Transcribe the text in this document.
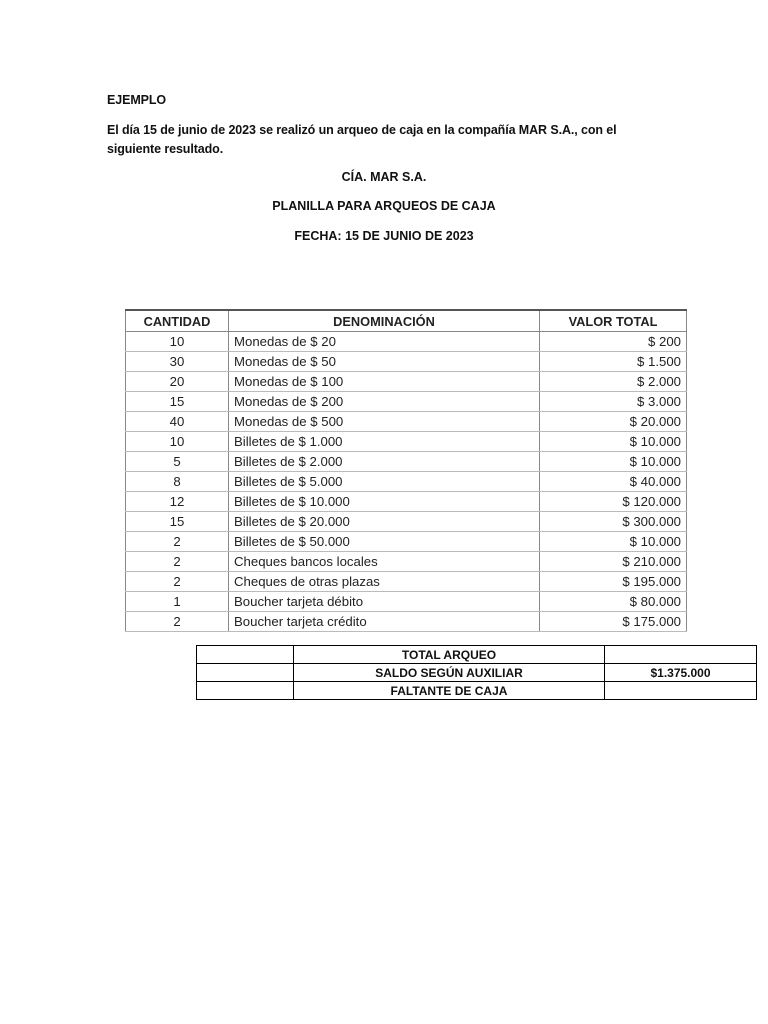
EJEMPLO
El día 15 de junio de 2023 se realizó un arqueo de caja en la compañía MAR S.A., con el siguiente resultado.
CÍA. MAR S.A.
PLANILLA PARA ARQUEOS DE CAJA
FECHA: 15 DE JUNIO DE 2023
CANTIDAD	DENOMINACIÓN	VALOR TOTAL
10	Monedas de $ 20	$ 200
30	Monedas de $ 50	$ 1.500
20	Monedas de $ 100	$ 2.000
15	Monedas de $ 200	$ 3.000
40	Monedas de $ 500	$ 20.000
10	Billetes de $ 1.000	$ 10.000
5	Billetes de $ 2.000	$ 10.000
8	Billetes de $ 5.000	$ 40.000
12	Billetes de $ 10.000	$ 120.000
15	Billetes de $ 20.000	$ 300.000
2	Billetes de $ 50.000	$ 10.000
2	Cheques bancos locales	$ 210.000
2	Cheques de otras plazas	$ 195.000
1	Boucher tarjeta débito	$ 80.000
2	Boucher tarjeta crédito	$ 175.000
	TOTAL ARQUEO	
	SALDO SEGÚN AUXILIAR	$1.375.000
	FALTANTE DE CAJA	
